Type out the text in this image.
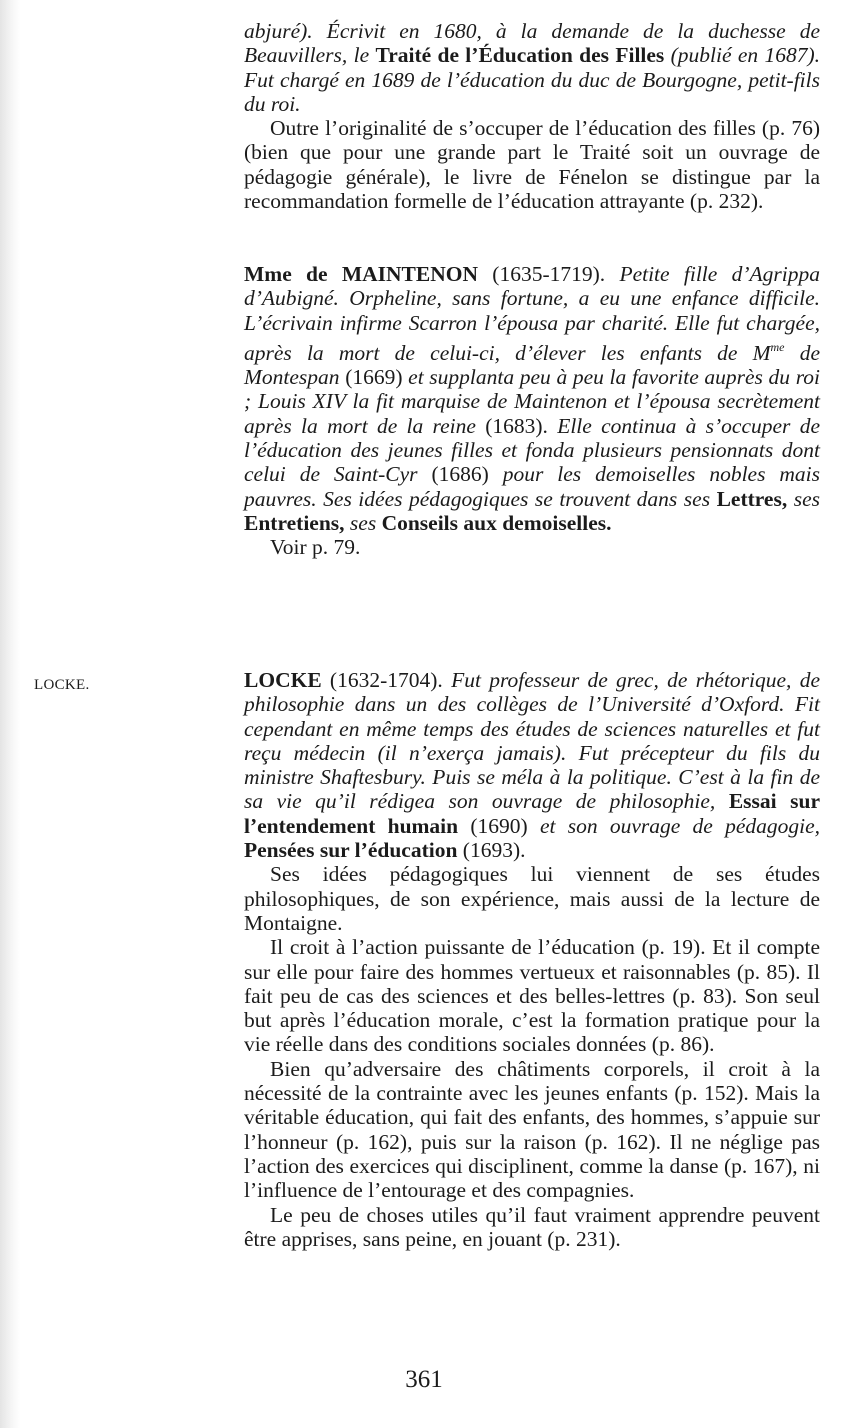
LOCKE.

abjuré). Écrivit en 1680, à la demande de la duchesse de Beauvillers, le Traité de l’Éducation des Filles (publié en 1687). Fut chargé en 1689 de l’éducation du duc de Bourgogne, petit-fils du roi.

Outre l’originalité de s’occuper de l’éducation des filles (p. 76) (bien que pour une grande part le Traité soit un ouvrage de pédagogie générale), le livre de Fénelon se distingue par la recommandation formelle de l’éducation attrayante (p. 232).

Mme de MAINTENON (1635-1719). Petite fille d’Agrippa d’Aubigné. Orpheline, sans fortune, a eu une enfance difficile. L’écrivain infirme Scarron l’épousa par charité. Elle fut chargée, après la mort de celui-ci, d’élever les enfants de $M^{me}$ de Montespan (1669) et supplanta peu à peu la favorite auprès du roi ; Louis XIV la fit marquise de Maintenon et l’épousa secrètement après la mort de la reine (1683). Elle continua à s’occuper de l’éducation des jeunes filles et fonda plusieurs pensionnats dont celui de Saint-Cyr (1686) pour les demoiselles nobles mais pauvres. Ses idées pédagogiques se trouvent dans ses Lettres, ses Entretiens, ses Conseils aux demoiselles.

Voir p. 79.

LOCKE (1632-1704). Fut professeur de grec, de rhétorique, de philosophie dans un des collèges de l’Université d’Oxford. Fit cependant en même temps des études de sciences naturelles et fut reçu médecin (il n’exerça jamais). Fut précepteur du fils du ministre Shaftesbury. Puis se méla à la politique. C’est à la fin de sa vie qu’il rédigea son ouvrage de philosophie, Essai sur l’entendement humain (1690) et son ouvrage de pédagogie, Pensées sur l’éducation (1693).

Ses idées pédagogiques lui viennent de ses études philosophiques, de son expérience, mais aussi de la lecture de Montaigne.

Il croit à l’action puissante de l’éducation (p. 19). Et il compte sur elle pour faire des hommes vertueux et raisonnables (p. 85). Il fait peu de cas des sciences et des belles-lettres (p. 83). Son seul but après l’éducation morale, c’est la formation pratique pour la vie réelle dans des conditions sociales données (p. 86).

Bien qu’adversaire des châtiments corporels, il croit à la nécessité de la contrainte avec les jeunes enfants (p. 152). Mais la véritable éducation, qui fait des enfants, des hommes, s’appuie sur l’honneur (p. 162), puis sur la raison (p. 162). Il ne néglige pas l’action des exercices qui disciplinent, comme la danse (p. 167), ni l’influence de l’entourage et des compagnies.

Le peu de choses utiles qu’il faut vraiment apprendre peuvent être apprises, sans peine, en jouant (p. 231).

361
